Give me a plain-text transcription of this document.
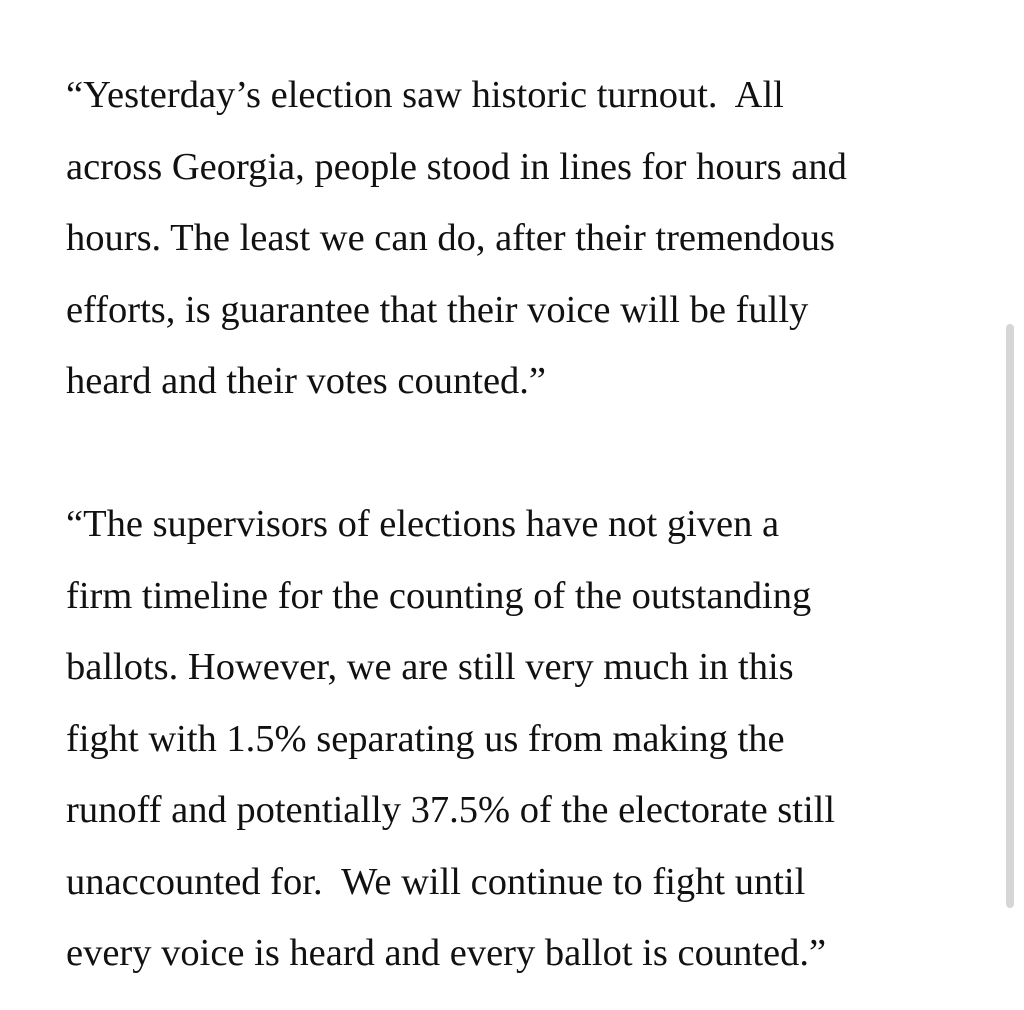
“Yesterday’s election saw historic turnout.  All
across Georgia, people stood in lines for hours and
hours. The least we can do, after their tremendous
efforts, is guarantee that their voice will be fully
heard and their votes counted.”
“The supervisors of elections have not given a
firm timeline for the counting of the outstanding
ballots. However, we are still very much in this
fight with 1.5% separating us from making the
runoff and potentially 37.5% of the electorate still
unaccounted for.  We will continue to fight until
every voice is heard and every ballot is counted.”
